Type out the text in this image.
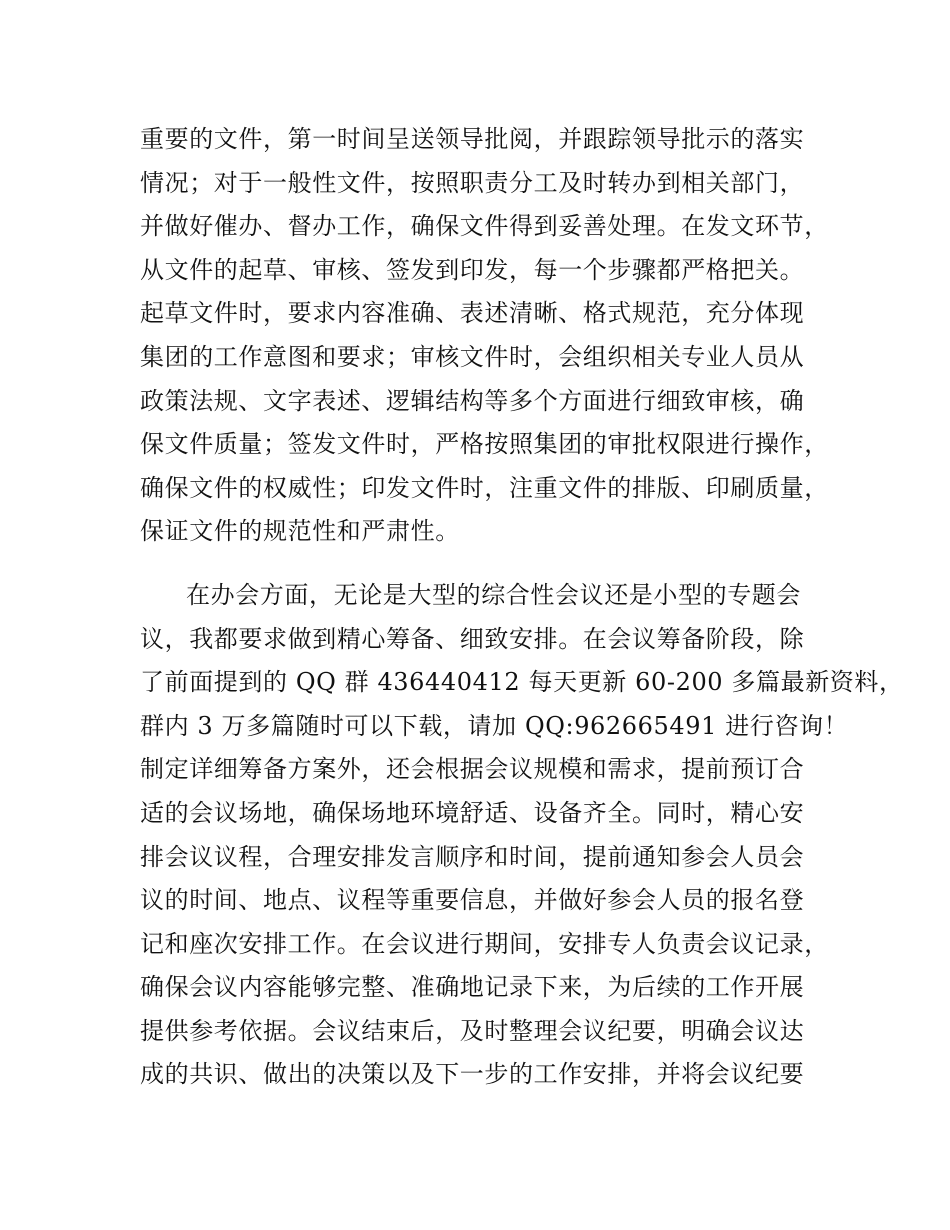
重要的文件，第一时间呈送领导批阅，并跟踪领导批示的落实
情况；对于一般性文件，按照职责分工及时转办到相关部门，
并做好催办、督办工作，确保文件得到妥善处理。在发文环节，
从文件的起草、审核、签发到印发，每一个步骤都严格把关。
起草文件时，要求内容准确、表述清晰、格式规范，充分体现
集团的工作意图和要求；审核文件时，会组织相关专业人员从
政策法规、文字表述、逻辑结构等多个方面进行细致审核，确
保文件质量；签发文件时，严格按照集团的审批权限进行操作，
确保文件的权威性；印发文件时，注重文件的排版、印刷质量，
保证文件的规范性和严肃性。
在办会方面，无论是大型的综合性会议还是小型的专题会
议，我都要求做到精心筹备、细致安排。在会议筹备阶段，除
了前面提到的 QQ 群 436440412 每天更新 60-200 多篇最新资料，
群内 3 万多篇随时可以下载，请加 QQ:962665491 进行咨询！
制定详细筹备方案外，还会根据会议规模和需求，提前预订合
适的会议场地，确保场地环境舒适、设备齐全。同时，精心安
排会议议程，合理安排发言顺序和时间，提前通知参会人员会
议的时间、地点、议程等重要信息，并做好参会人员的报名登
记和座次安排工作。在会议进行期间，安排专人负责会议记录，
确保会议内容能够完整、准确地记录下来，为后续的工作开展
提供参考依据。会议结束后，及时整理会议纪要，明确会议达
成的共识、做出的决策以及下一步的工作安排，并将会议纪要
